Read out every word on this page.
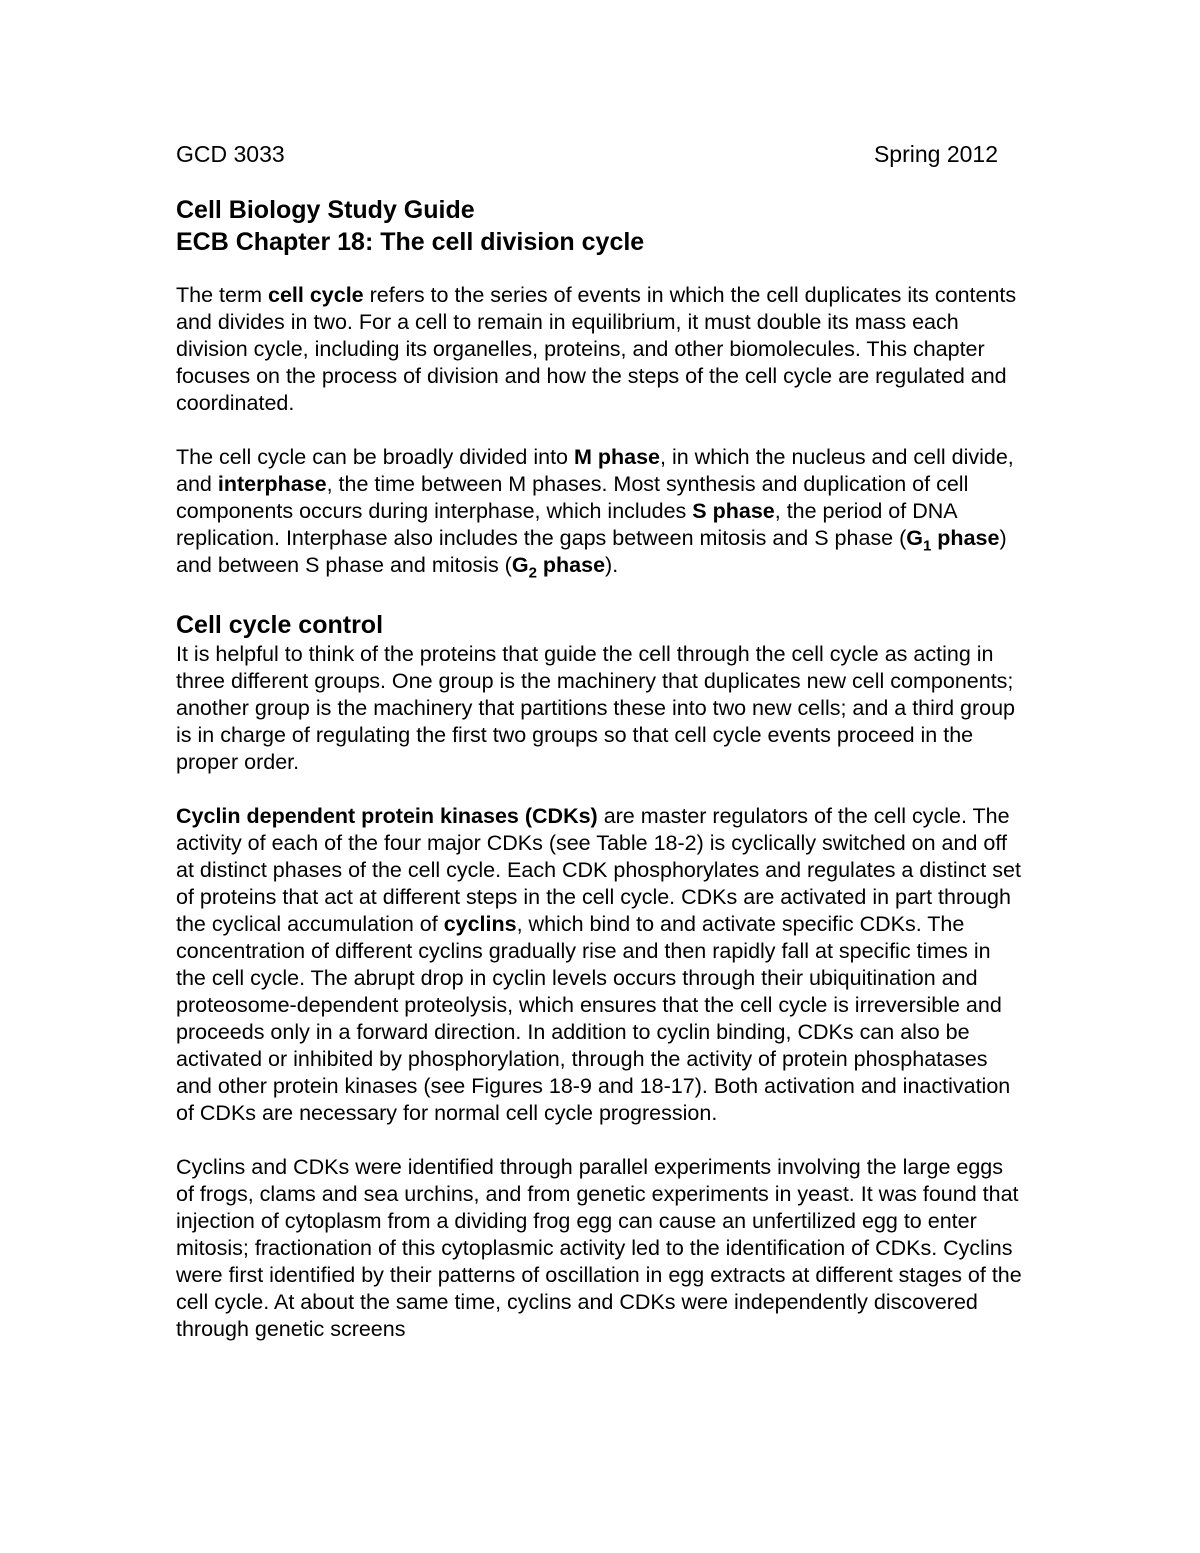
GCD 3033	Spring 2012
Cell Biology Study Guide
ECB Chapter 18: The cell division cycle

The term cell cycle refers to the series of events in which the cell duplicates its contents and divides in two. For a cell to remain in equilibrium, it must double its mass each division cycle, including its organelles, proteins, and other biomolecules. This chapter focuses on the process of division and how the steps of the cell cycle are regulated and coordinated.

The cell cycle can be broadly divided into M phase, in which the nucleus and cell divide, and interphase, the time between M phases. Most synthesis and duplication of cell components occurs during interphase, which includes S phase, the period of DNA replication. Interphase also includes the gaps between mitosis and S phase ($G_1$ phase) and between S phase and mitosis ($G_2$ phase).

Cell cycle control

It is helpful to think of the proteins that guide the cell through the cell cycle as acting in three different groups. One group is the machinery that duplicates new cell components; another group is the machinery that partitions these into two new cells; and a third group is in charge of regulating the first two groups so that cell cycle events proceed in the proper order.

Cyclin dependent protein kinases (CDKs) are master regulators of the cell cycle. The activity of each of the four major CDKs (see Table 18-2) is cyclically switched on and off at distinct phases of the cell cycle. Each CDK phosphorylates and regulates a distinct set of proteins that act at different steps in the cell cycle. CDKs are activated in part through the cyclical accumulation of cyclins, which bind to and activate specific CDKs. The concentration of different cyclins gradually rise and then rapidly fall at specific times in the cell cycle. The abrupt drop in cyclin levels occurs through their ubiquitination and proteosome-dependent proteolysis, which ensures that the cell cycle is irreversible and proceeds only in a forward direction. In addition to cyclin binding, CDKs can also be activated or inhibited by phosphorylation, through the activity of protein phosphatases and other protein kinases (see Figures 18-9 and 18-17). Both activation and inactivation of CDKs are necessary for normal cell cycle progression.

Cyclins and CDKs were identified through parallel experiments involving the large eggs of frogs, clams and sea urchins, and from genetic experiments in yeast. It was found that injection of cytoplasm from a dividing frog egg can cause an unfertilized egg to enter mitosis; fractionation of this cytoplasmic activity led to the identification of CDKs. Cyclins were first identified by their patterns of oscillation in egg extracts at different stages of the cell cycle. At about the same time, cyclins and CDKs were independently discovered through genetic screens
